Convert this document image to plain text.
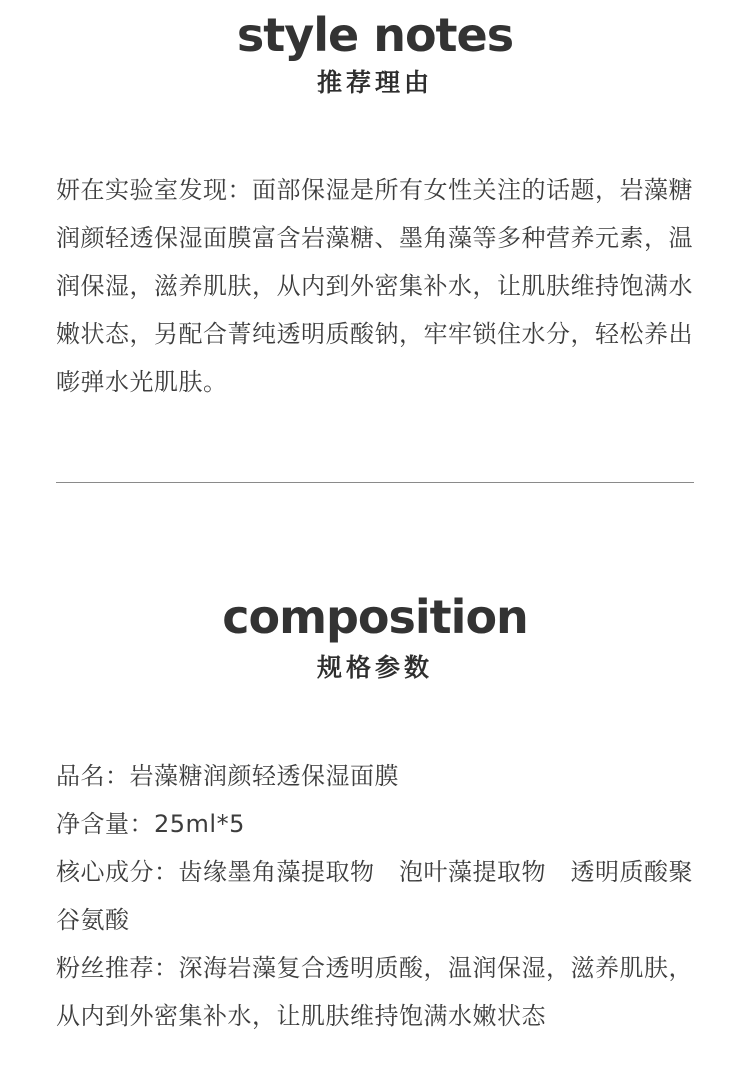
style notes
推荐理由
妍在实验室发现：面部保湿是所有女性关注的话题，岩藻糖润颜轻透保湿面膜富含岩藻糖、墨角藻等多种营养元素，温润保湿，滋养肌肤，从内到外密集补水，让肌肤维持饱满水嫩状态，另配合菁纯透明质酸钠，牢牢锁住水分，轻松养出嘭弹水光肌肤。
composition
规格参数
品名：岩藻糖润颜轻透保湿面膜
净含量：25ml*5
核心成分：齿缘墨角藻提取物　泡叶藻提取物　透明质酸聚谷氨酸
粉丝推荐：深海岩藻复合透明质酸，温润保湿，滋养肌肤，从内到外密集补水，让肌肤维持饱满水嫩状态
